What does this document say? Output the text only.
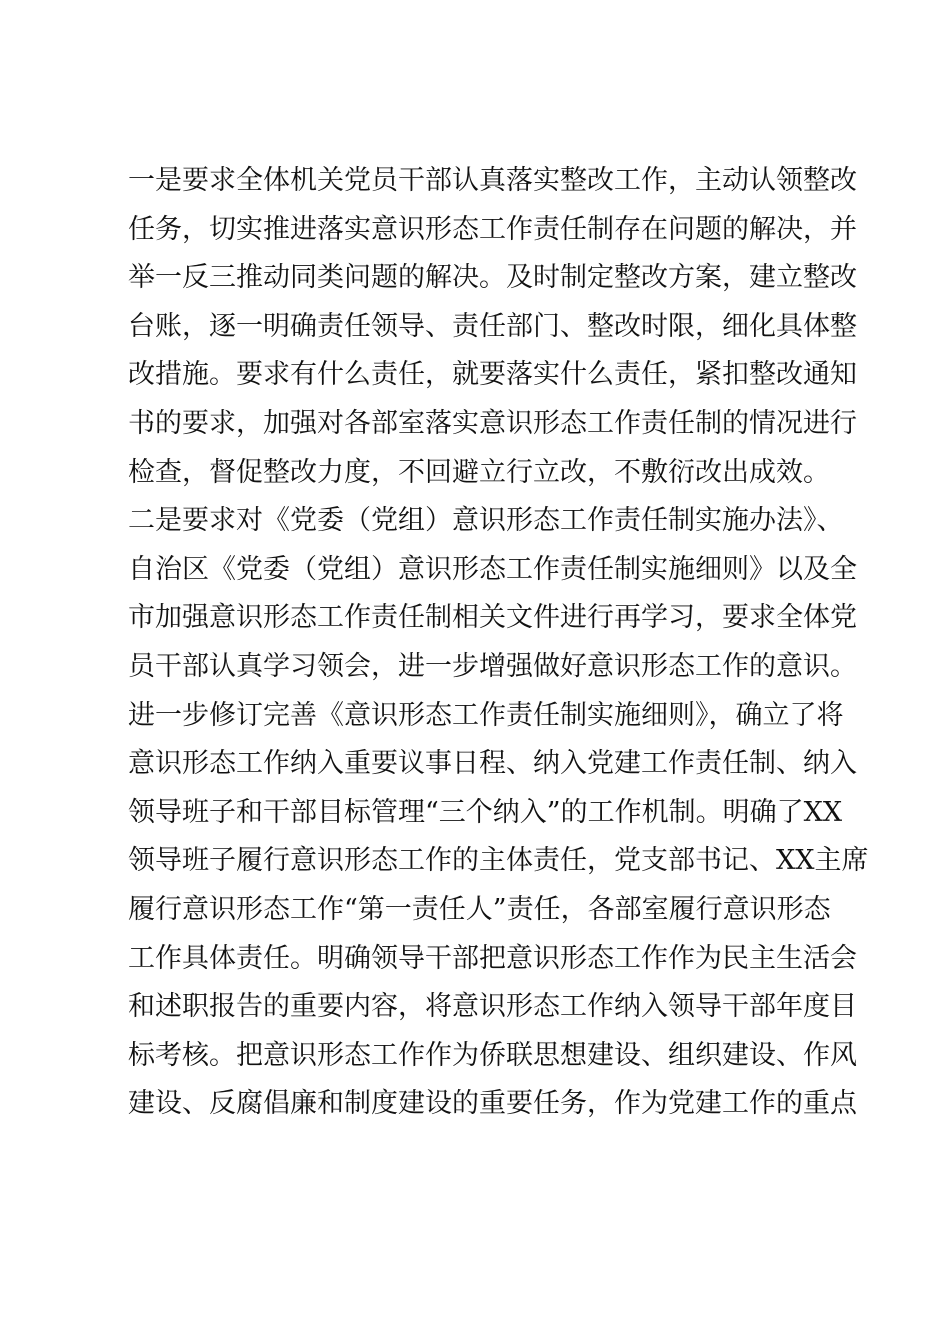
一是要求全体机关党员干部认真落实整改工作，主动认领整改
任务，切实推进落实意识形态工作责任制存在问题的解决，并
举一反三推动同类问题的解决。及时制定整改方案，建立整改
台账，逐一明确责任领导、责任部门、整改时限，细化具体整
改措施。要求有什么责任，就要落实什么责任，紧扣整改通知
书的要求，加强对各部室落实意识形态工作责任制的情况进行
检查，督促整改力度，不回避立行立改，不敷衍改出成效。
二是要求对《党委（党组）意识形态工作责任制实施办法》、
自治区《党委（党组）意识形态工作责任制实施细则》以及全
市加强意识形态工作责任制相关文件进行再学习，要求全体党
员干部认真学习领会，进一步增强做好意识形态工作的意识。
进一步修订完善《意识形态工作责任制实施细则》，确立了将
意识形态工作纳入重要议事日程、纳入党建工作责任制、纳入
领导班子和干部目标管理“三个纳入”的工作机制。明确了XX
领导班子履行意识形态工作的主体责任，党支部书记、XX主席
履行意识形态工作“第一责任人”责任，各部室履行意识形态
工作具体责任。明确领导干部把意识形态工作作为民主生活会
和述职报告的重要内容，将意识形态工作纳入领导干部年度目
标考核。把意识形态工作作为侨联思想建设、组织建设、作风
建设、反腐倡廉和制度建设的重要任务，作为党建工作的重点
